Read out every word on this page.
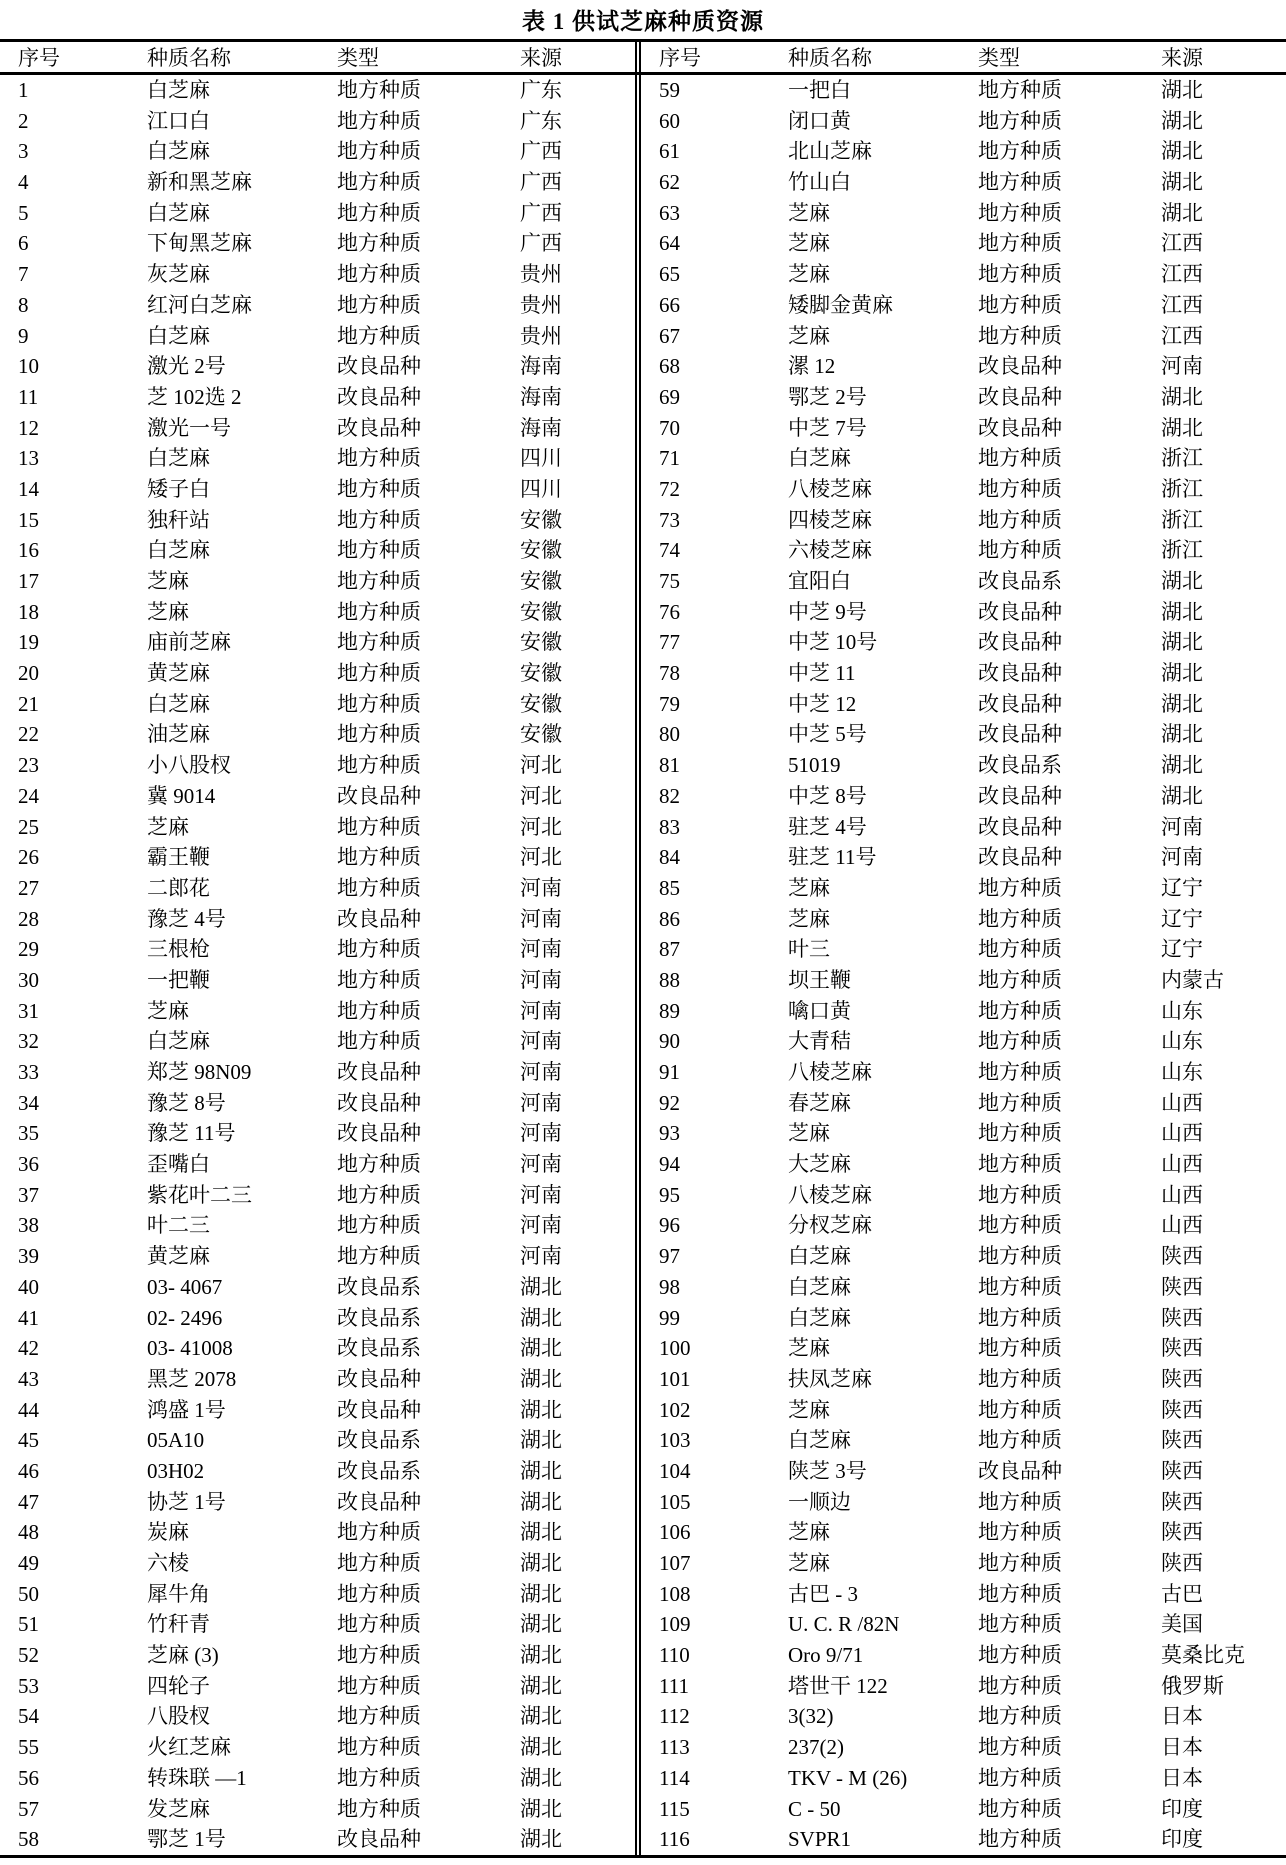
表 1 供试芝麻种质资源
序号	种质名称	类型	来源
1	白芝麻	地方种质	广东
2	江口白	地方种质	广东
3	白芝麻	地方种质	广西
4	新和黑芝麻	地方种质	广西
5	白芝麻	地方种质	广西
6	下甸黑芝麻	地方种质	广西
7	灰芝麻	地方种质	贵州
8	红河白芝麻	地方种质	贵州
9	白芝麻	地方种质	贵州
10	激光 2号	改良品种	海南
11	芝 102选 2	改良品种	海南
12	激光一号	改良品种	海南
13	白芝麻	地方种质	四川
14	矮子白	地方种质	四川
15	独秆站	地方种质	安徽
16	白芝麻	地方种质	安徽
17	芝麻	地方种质	安徽
18	芝麻	地方种质	安徽
19	庙前芝麻	地方种质	安徽
20	黄芝麻	地方种质	安徽
21	白芝麻	地方种质	安徽
22	油芝麻	地方种质	安徽
23	小八股杈	地方种质	河北
24	冀 9014	改良品种	河北
25	芝麻	地方种质	河北
26	霸王鞭	地方种质	河北
27	二郎花	地方种质	河南
28	豫芝 4号	改良品种	河南
29	三根枪	地方种质	河南
30	一把鞭	地方种质	河南
31	芝麻	地方种质	河南
32	白芝麻	地方种质	河南
33	郑芝 98N09	改良品种	河南
34	豫芝 8号	改良品种	河南
35	豫芝 11号	改良品种	河南
36	歪嘴白	地方种质	河南
37	紫花叶二三	地方种质	河南
38	叶二三	地方种质	河南
39	黄芝麻	地方种质	河南
40	03- 4067	改良品系	湖北
41	02- 2496	改良品系	湖北
42	03- 41008	改良品系	湖北
43	黑芝 2078	改良品种	湖北
44	鸿盛 1号	改良品种	湖北
45	05A10	改良品系	湖北
46	03H02	改良品系	湖北
47	协芝 1号	改良品种	湖北
48	炭麻	地方种质	湖北
49	六棱	地方种质	湖北
50	犀牛角	地方种质	湖北
51	竹秆青	地方种质	湖北
52	芝麻 (3)	地方种质	湖北
53	四轮子	地方种质	湖北
54	八股杈	地方种质	湖北
55	火红芝麻	地方种质	湖北
56	转珠联 —1	地方种质	湖北
57	发芝麻	地方种质	湖北
58	鄂芝 1号	改良品种	湖北
序号	种质名称	类型	来源
59	一把白	地方种质	湖北
60	闭口黄	地方种质	湖北
61	北山芝麻	地方种质	湖北
62	竹山白	地方种质	湖北
63	芝麻	地方种质	湖北
64	芝麻	地方种质	江西
65	芝麻	地方种质	江西
66	矮脚金黄麻	地方种质	江西
67	芝麻	地方种质	江西
68	漯 12	改良品种	河南
69	鄂芝 2号	改良品种	湖北
70	中芝 7号	改良品种	湖北
71	白芝麻	地方种质	浙江
72	八棱芝麻	地方种质	浙江
73	四棱芝麻	地方种质	浙江
74	六棱芝麻	地方种质	浙江
75	宜阳白	改良品系	湖北
76	中芝 9号	改良品种	湖北
77	中芝 10号	改良品种	湖北
78	中芝 11	改良品种	湖北
79	中芝 12	改良品种	湖北
80	中芝 5号	改良品种	湖北
81	51019	改良品系	湖北
82	中芝 8号	改良品种	湖北
83	驻芝 4号	改良品种	河南
84	驻芝 11号	改良品种	河南
85	芝麻	地方种质	辽宁
86	芝麻	地方种质	辽宁
87	叶三	地方种质	辽宁
88	坝王鞭	地方种质	内蒙古
89	噙口黄	地方种质	山东
90	大青秸	地方种质	山东
91	八棱芝麻	地方种质	山东
92	春芝麻	地方种质	山西
93	芝麻	地方种质	山西
94	大芝麻	地方种质	山西
95	八棱芝麻	地方种质	山西
96	分杈芝麻	地方种质	山西
97	白芝麻	地方种质	陕西
98	白芝麻	地方种质	陕西
99	白芝麻	地方种质	陕西
100	芝麻	地方种质	陕西
101	扶凤芝麻	地方种质	陕西
102	芝麻	地方种质	陕西
103	白芝麻	地方种质	陕西
104	陕芝 3号	改良品种	陕西
105	一顺边	地方种质	陕西
106	芝麻	地方种质	陕西
107	芝麻	地方种质	陕西
108	古巴 - 3	地方种质	古巴
109	U. C. R /82N	地方种质	美国
110	Oro 9/71	地方种质	莫桑比克
111	塔世干 122	地方种质	俄罗斯
112	3(32)	地方种质	日本
113	237(2)	地方种质	日本
114	TKV - M (26)	地方种质	日本
115	C - 50	地方种质	印度
116	SVPR1	地方种质	印度
